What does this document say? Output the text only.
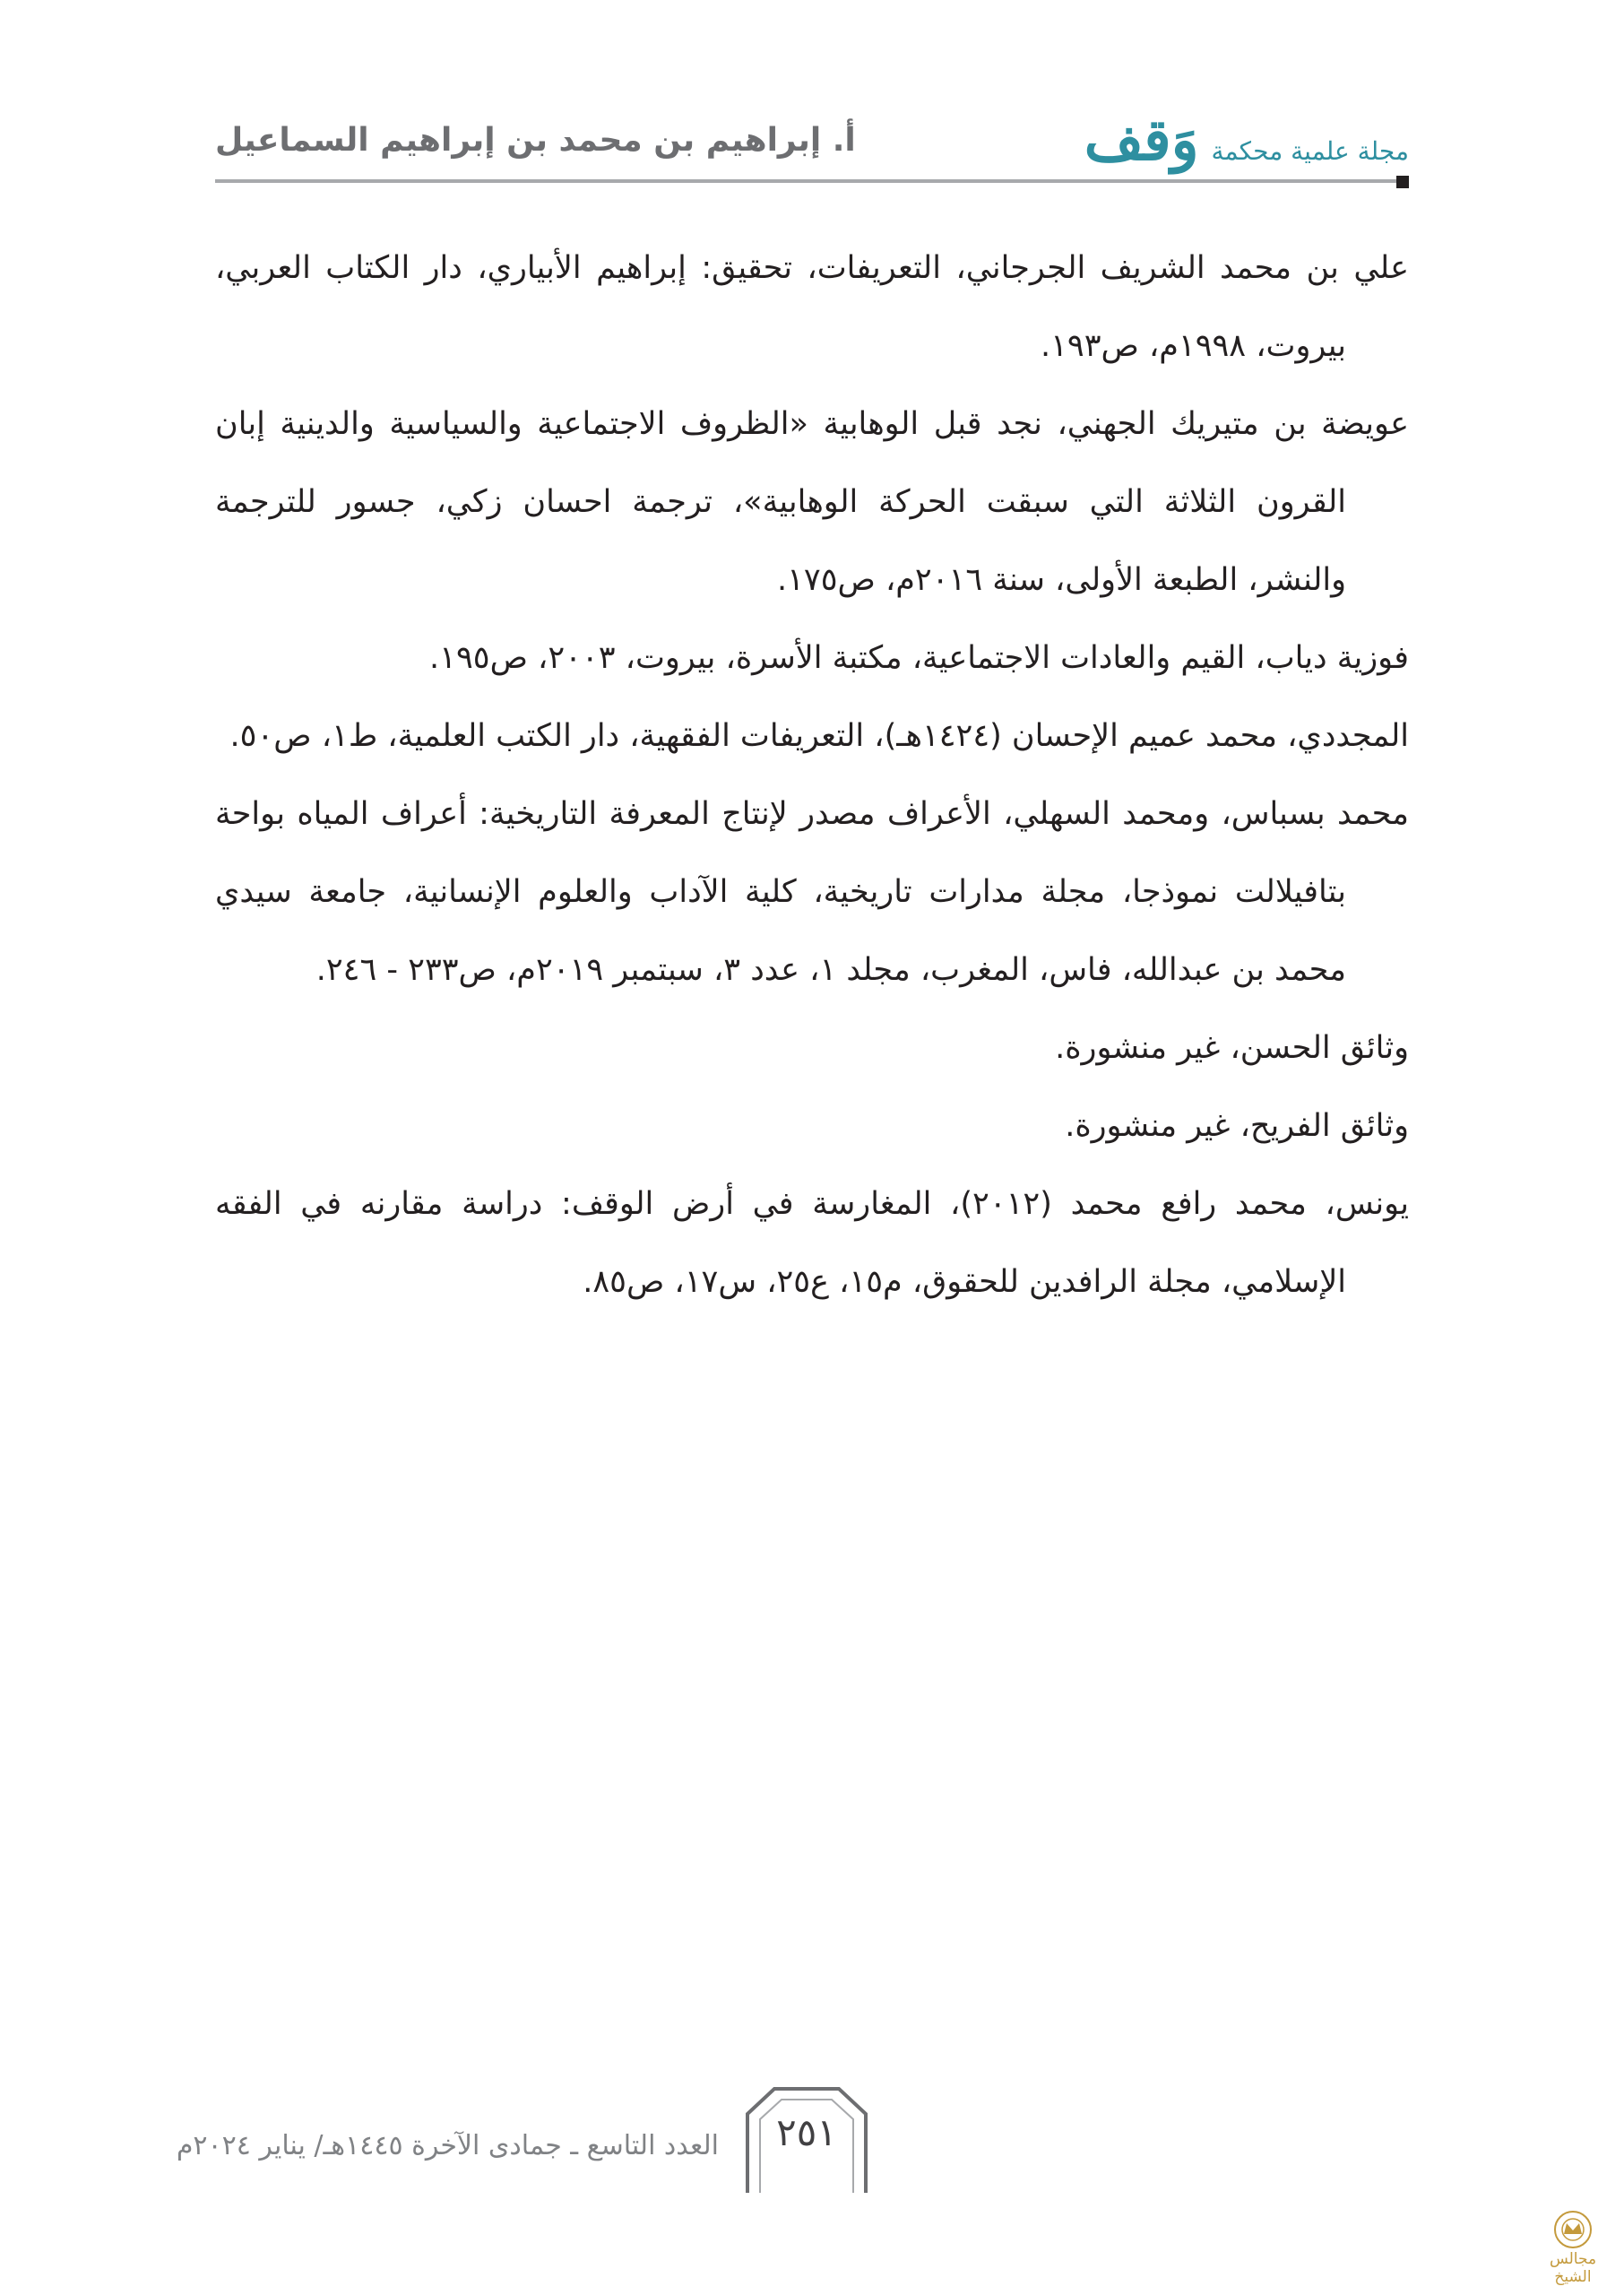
مجلة علمية محكمة
وَقف
أ. إبراهيم بن محمد بن إبراهيم السماعيل
علي بن محمد الشريف الجرجاني، التعريفات، تحقيق: إبراهيم الأبياري، دار الكتاب العربي، بيروت، ١٩٩٨م، ص١٩٣.
عويضة بن متيريك الجهني، نجد قبل الوهابية «الظروف الاجتماعية والسياسية والدينية إبان القرون الثلاثة التي سبقت الحركة الوهابية»، ترجمة احسان زكي، جسور للترجمة والنشر، الطبعة الأولى، سنة ٢٠١٦م، ص١٧٥.
فوزية دياب، القيم والعادات الاجتماعية، مكتبة الأسرة، بيروت، ٢٠٠٣، ص١٩٥.
المجددي، محمد عميم الإحسان (١٤٢٤هـ)، التعريفات الفقهية، دار الكتب العلمية، ط١، ص٥٠.
محمد بسباس، ومحمد السهلي، الأعراف مصدر لإنتاج المعرفة التاريخية: أعراف المياه بواحة بتافيلالت نموذجا، مجلة مدارات تاريخية، كلية الآداب والعلوم الإنسانية، جامعة سيدي محمد بن عبدالله، فاس، المغرب، مجلد ١، عدد ٣، سبتمبر ٢٠١٩م، ص٢٣٣ - ٢٤٦.
وثائق الحسن، غير منشورة.
وثائق الفريح، غير منشورة.
يونس، محمد رافع محمد (٢٠١٢)، المغارسة في أرض الوقف: دراسة مقارنه في الفقه الإسلامي، مجلة الرافدين للحقوق، م١٥، ع٢٥، س١٧، ص٨٥.
العدد التاسع ـ جمادى الآخرة ١٤٤٥هـ/ يناير ٢٠٢٤م	٢٥١
مجالس الشيخ
